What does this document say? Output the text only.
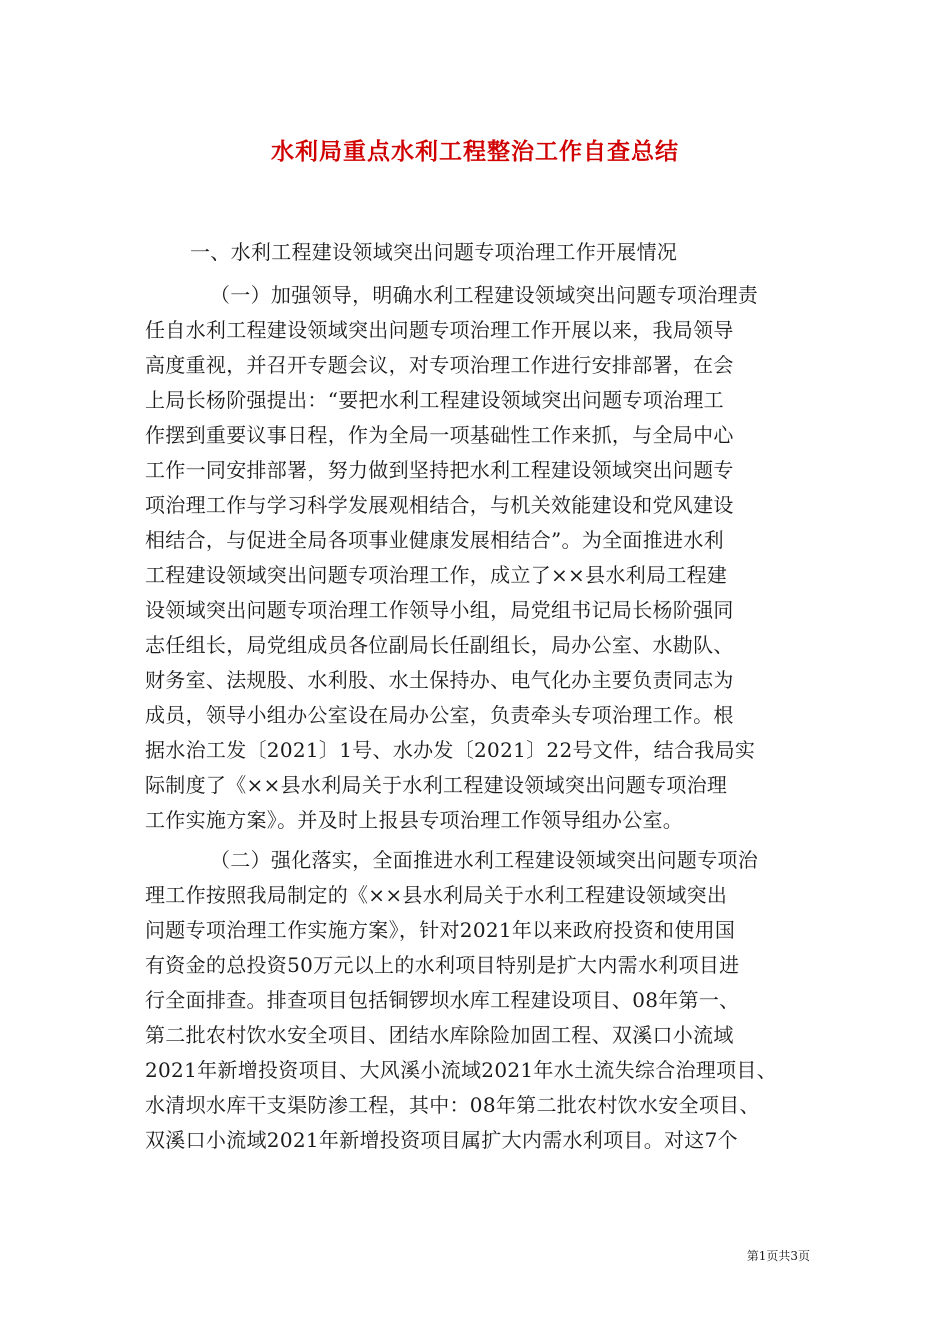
水利局重点水利工程整治工作自查总结
一、水利工程建设领域突出问题专项治理工作开展情况
（一）加强领导，明确水利工程建设领域突出问题专项治理责
任自水利工程建设领域突出问题专项治理工作开展以来，我局领导
高度重视，并召开专题会议，对专项治理工作进行安排部署，在会
上局长杨阶强提出：“要把水利工程建设领域突出问题专项治理工
作摆到重要议事日程，作为全局一项基础性工作来抓，与全局中心
工作一同安排部署，努力做到坚持把水利工程建设领域突出问题专
项治理工作与学习科学发展观相结合，与机关效能建设和党风建设
相结合，与促进全局各项事业健康发展相结合”。为全面推进水利
工程建设领域突出问题专项治理工作，成立了××县水利局工程建
设领域突出问题专项治理工作领导小组，局党组书记局长杨阶强同
志任组长，局党组成员各位副局长任副组长，局办公室、水勘队、
财务室、法规股、水利股、水土保持办、电气化办主要负责同志为
成员，领导小组办公室设在局办公室，负责牵头专项治理工作。根
据水治工发〔2021〕1号、水办发〔2021〕22号文件，结合我局实
际制度了《××县水利局关于水利工程建设领域突出问题专项治理
工作实施方案》。并及时上报县专项治理工作领导组办公室。
（二）强化落实，全面推进水利工程建设领域突出问题专项治
理工作按照我局制定的《××县水利局关于水利工程建设领域突出
问题专项治理工作实施方案》，针对2021年以来政府投资和使用国
有资金的总投资50万元以上的水利项目特别是扩大内需水利项目进
行全面排查。排查项目包括铜锣坝水库工程建设项目、08年第一、
第二批农村饮水安全项目、团结水库除险加固工程、双溪口小流域
2021年新增投资项目、大风溪小流域2021年水土流失综合治理项目、
水清坝水库干支渠防渗工程，其中：08年第二批农村饮水安全项目、
双溪口小流域2021年新增投资项目属扩大内需水利项目。对这7个
第1页共3页
